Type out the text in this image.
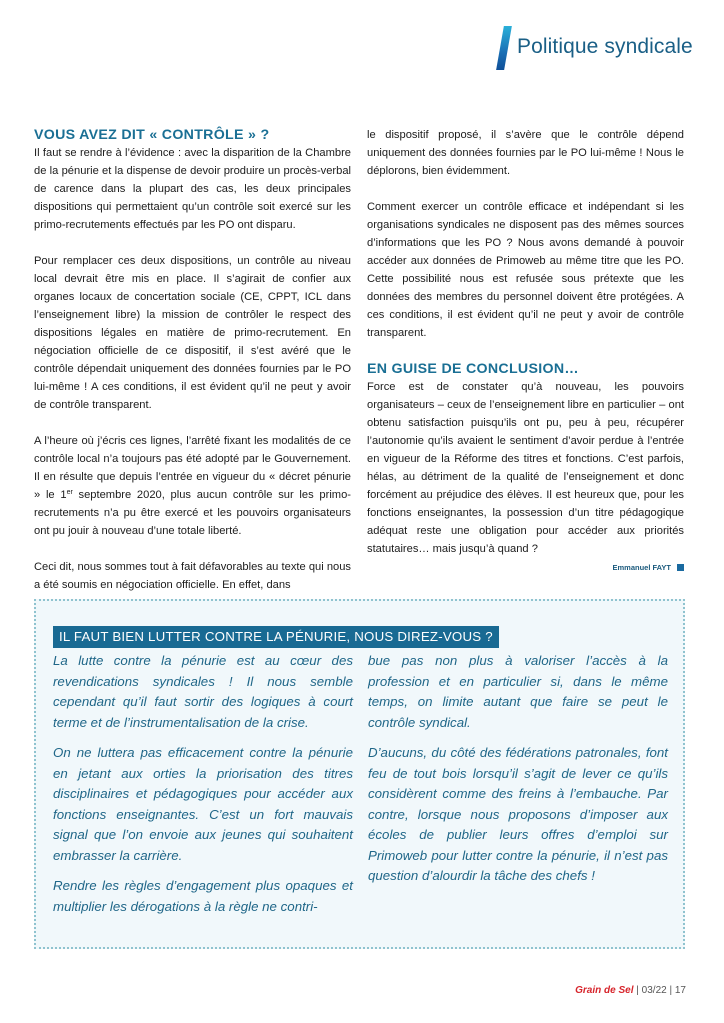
Politique syndicale
VOUS AVEZ DIT « CONTRÔLE » ?

Il faut se rendre à l’évidence : avec la disparition de la Chambre de la pénurie et la dispense de devoir produire un procès-verbal de carence dans la plupart des cas, les deux principales dispositions qui permettaient qu’un contrôle soit exercé sur les primo-recrutements effectués par les PO ont disparu.

Pour remplacer ces deux dispositions, un contrôle au niveau local devrait être mis en place. Il s’agirait de confier aux organes locaux de concertation sociale (CE, CPPT, ICL dans l’enseignement libre) la mission de contrôler le respect des dispositions légales en matière de primo-recrutement. En négociation officielle de ce dispositif, il s’est avéré que le contrôle dépendait uniquement des données fournies par le PO lui-même ! A ces conditions, il est évident qu’il ne peut y avoir de contrôle transparent.

A l’heure où j’écris ces lignes, l’arrêté fixant les modalités de ce contrôle local n’a toujours pas été adopté par le Gouvernement. Il en résulte que depuis l’entrée en vigueur du « décret pénurie » le 1er septembre 2020, plus aucun contrôle sur les primo-recrutements n’a pu être exercé et les pouvoirs organisateurs ont pu jouir à nouveau d’une totale liberté.

Ceci dit, nous sommes tout à fait défavorables au texte qui nous a été soumis en négociation officielle. En effet, dans

le dispositif proposé, il s’avère que le contrôle dépend uniquement des données fournies par le PO lui-même ! Nous le déplorons, bien évidemment.

Comment exercer un contrôle efficace et indépendant si les organisations syndicales ne disposent pas des mêmes sources d’informations que les PO ? Nous avons demandé à pouvoir accéder aux données de Primoweb au même titre que les PO. Cette possibilité nous est refusée sous prétexte que les données des membres du personnel doivent être protégées. A ces conditions, il est évident qu’il ne peut y avoir de contrôle transparent.

EN GUISE DE CONCLUSION…

Force est de constater qu’à nouveau, les pouvoirs organisateurs – ceux de l’enseignement libre en particulier – ont obtenu satisfaction puisqu’ils ont pu, peu à peu, récupérer l’autonomie qu’ils avaient le sentiment d’avoir perdue à l’entrée en vigueur de la Réforme des titres et fonctions. C’est parfois, hélas, au détriment de la qualité de l’enseignement et donc forcément au préjudice des élèves. Il est heureux que, pour les fonctions enseignantes, la possession d’un titre pédagogique adéquat reste une obligation pour accéder aux priorités statutaires… mais jusqu’à quand ?

Emmanuel FAYT
IL FAUT BIEN LUTTER CONTRE LA PÉNURIE, NOUS DIREZ-VOUS ?

La lutte contre la pénurie est au cœur des revendications syndicales ! Il nous semble cependant qu’il faut sortir des logiques à court terme et de l’instrumentalisation de la crise.

On ne luttera pas efficacement contre la pénurie en jetant aux orties la priorisation des titres disciplinaires et pédagogiques pour accéder aux fonctions enseignantes. C’est un fort mauvais signal que l’on envoie aux jeunes qui souhaitent embrasser la carrière.

Rendre les règles d’engagement plus opaques et multiplier les dérogations à la règle ne contri-

bue pas non plus à valoriser l’accès à la profession et en particulier si, dans le même temps, on limite autant que faire se peut le contrôle syndical.

D’aucuns, du côté des fédérations patronales, font feu de tout bois lorsqu’il s’agit de lever ce qu’ils considèrent comme des freins à l’embauche. Par contre, lorsque nous proposons d’imposer aux écoles de publier leurs offres d’emploi sur Primoweb pour lutter contre la pénurie, il n’est pas question d’alourdir la tâche des chefs !

Grain de Sel | 03/22 | 17
